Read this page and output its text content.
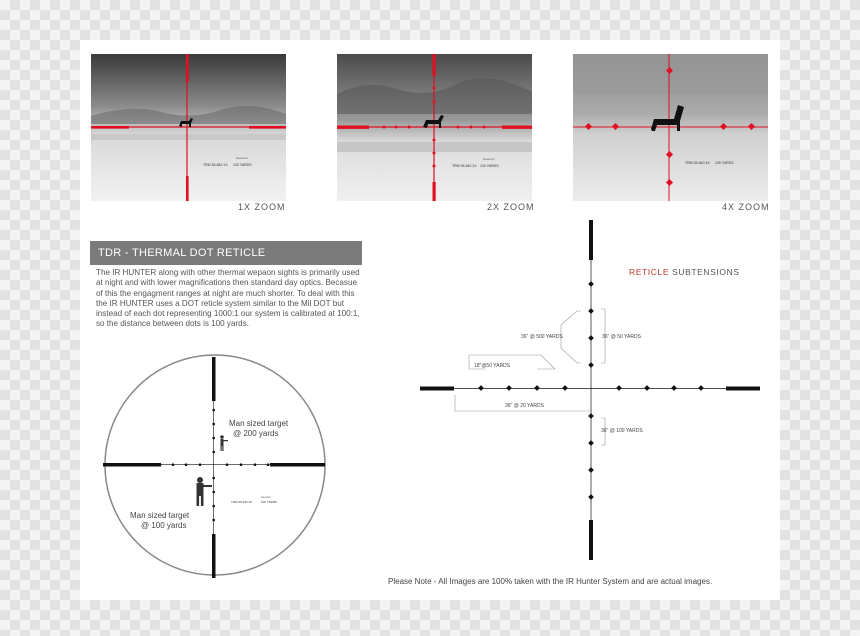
TRM 35-640 1X 100 YARDS
Geometr
1X ZOOM
TRM 35-640 2X 100 YARDS
Geometr
2X ZOOM
TRM 35-640 4X 100 YARDS
4X ZOOM
TDR - THERMAL DOT RETICLE
The IR HUNTER along with other thermal wepaon sights is primarily used at night and with lower magnifications then standard day optics. Becasue of this the engagment ranges at night are much shorter. To deal with this the IR HUNTER uses a DOT reticle system similar to the Mil DOT but instead of each dot representing 1000:1 our system is calibrated at 100:1, so the distance between dots is 100 yards.
Man sized target
@ 200 yards
Man sized target
@ 100 yards
TRM 35-640 4X	100 YARDS
Geometr
RETICLE SUBTENSIONS
36" @ 500 YARDS	36" @ 50 YARDS
18"@50 YARDS
36" @ 20 YARDS
36" @ 100 YARDS
Please Note - All Images are 100% taken with the IR Hunter System and are actual images.
